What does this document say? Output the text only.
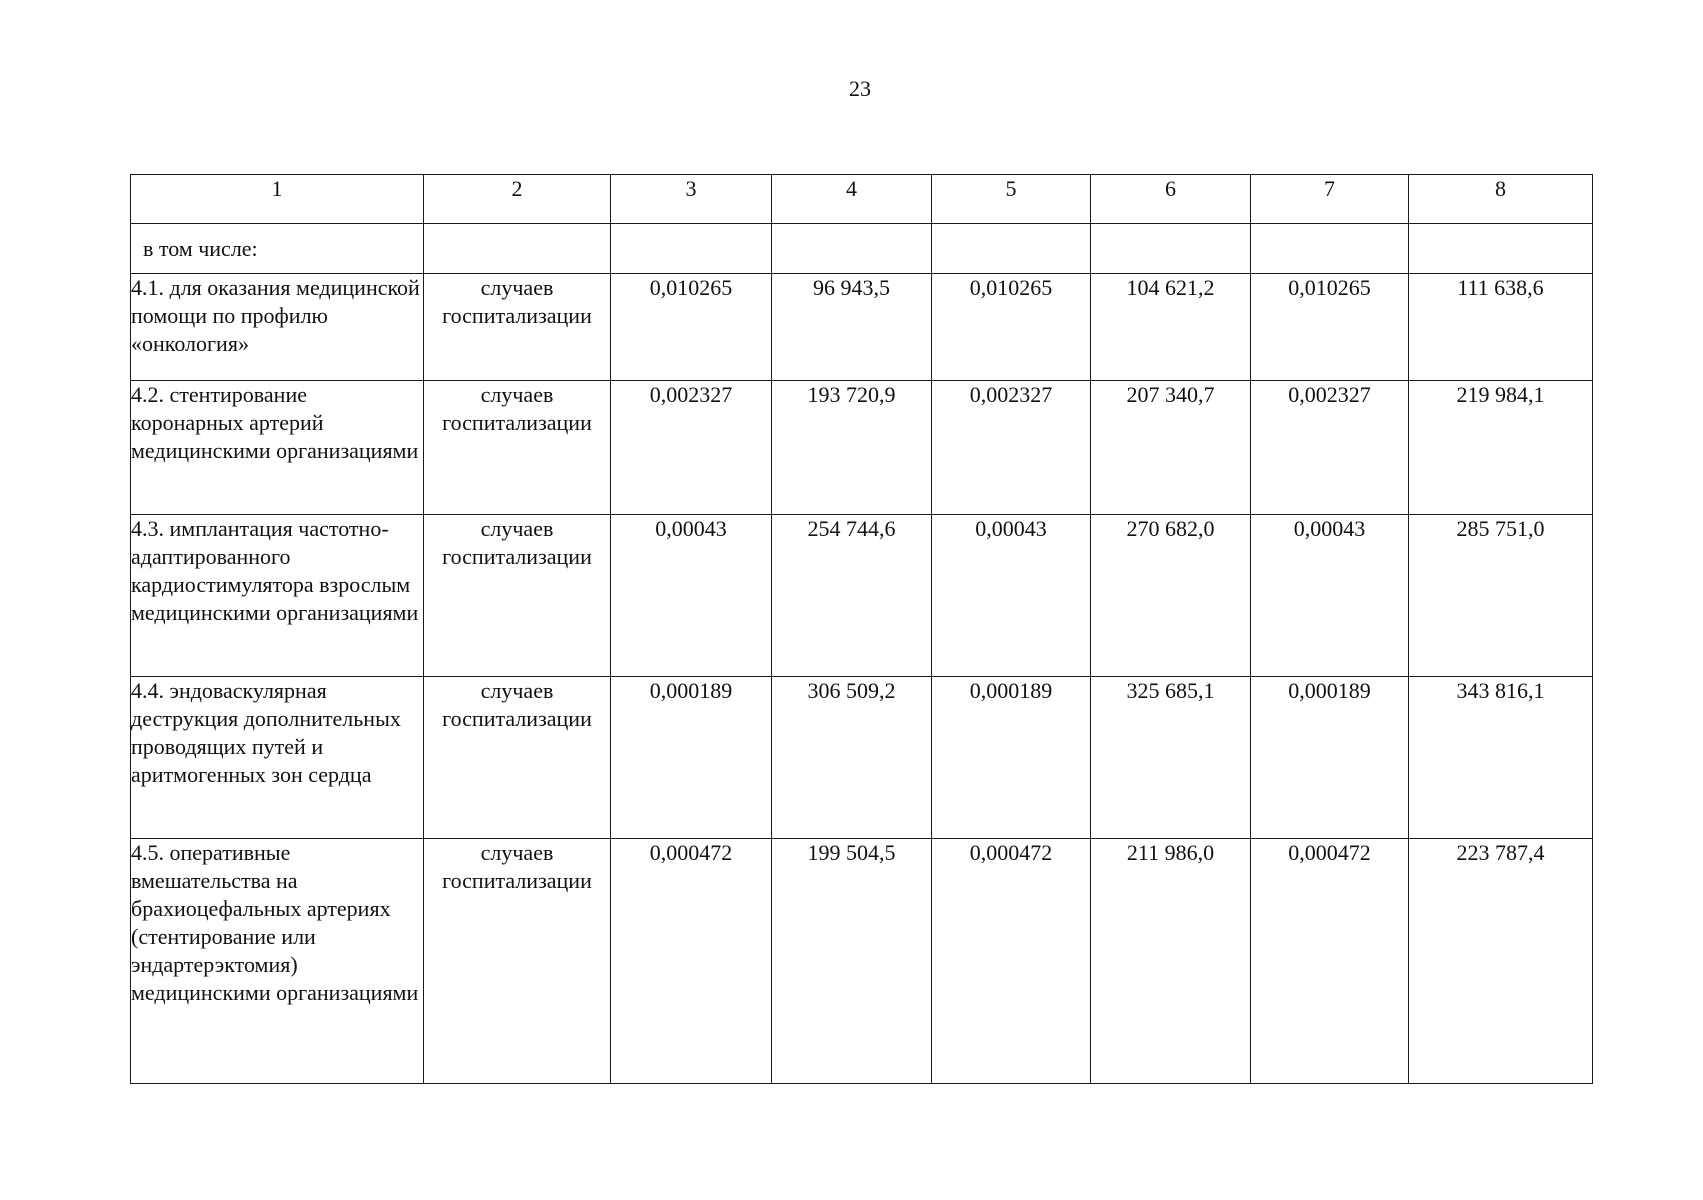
23
1	2	3	4	5	6	7	8
в том числе:							
4.1. для оказания медицинской помощи по профилю «онкология»	случаев госпитализации	0,010265	96 943,5	0,010265	104 621,2	0,010265	111 638,6
4.2. стентирование коронарных артерий медицинскими организациями	случаев госпитализации	0,002327	193 720,9	0,002327	207 340,7	0,002327	219 984,1
4.3. имплантация частотно-адаптированного кардиостимулятора взрослым медицинскими организациями	случаев госпитализации	0,00043	254 744,6	0,00043	270 682,0	0,00043	285 751,0
4.4. эндоваскулярная деструкция дополнительных проводящих путей и аритмогенных зон сердца	случаев госпитализации	0,000189	306 509,2	0,000189	325 685,1	0,000189	343 816,1
4.5. оперативные вмешательства на брахиоцефальных артериях (стентирование или эндартерэктомия) медицинскими организациями	случаев госпитализации	0,000472	199 504,5	0,000472	211 986,0	0,000472	223 787,4
